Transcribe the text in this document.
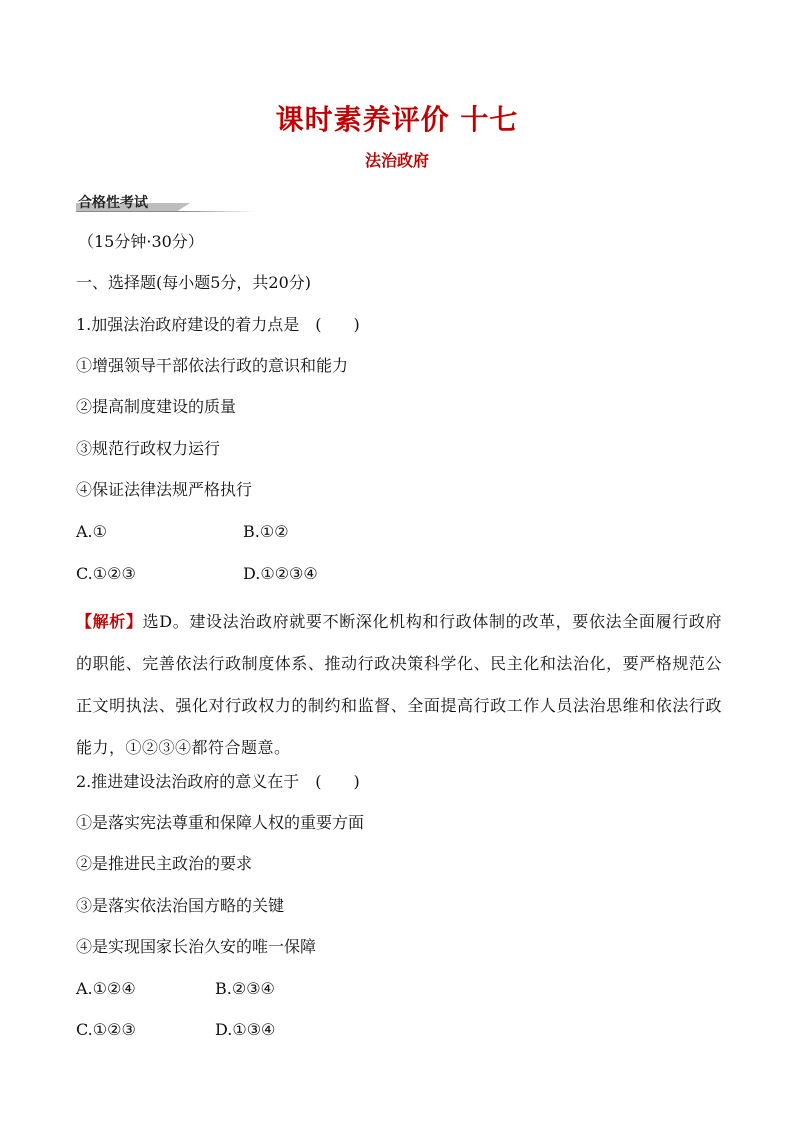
课时素养评价 十七
法治政府
合格性考试
（15分钟·30分）
一、选择题(每小题5分，共20分)
1.加强法治政府建设的着力点是　(　　)
①增强领导干部依法行政的意识和能力
②提高制度建设的质量
③规范行政权力运行
④保证法律法规严格执行
A.①	B.①②
C.①②③	D.①②③④
【解析】选D。建设法治政府就要不断深化机构和行政体制的改革，要依法全面履行政府的职能、完善依法行政制度体系、推动行政决策科学化、民主化和法治化，要严格规范公正文明执法、强化对行政权力的制约和监督、全面提高行政工作人员法治思维和依法行政能力，①②③④都符合题意。
2.推进建设法治政府的意义在于　(　　)
①是落实宪法尊重和保障人权的重要方面
②是推进民主政治的要求
③是落实依法治国方略的关键
④是实现国家长治久安的唯一保障
A.①②④	B.②③④
C.①②③	D.①③④
